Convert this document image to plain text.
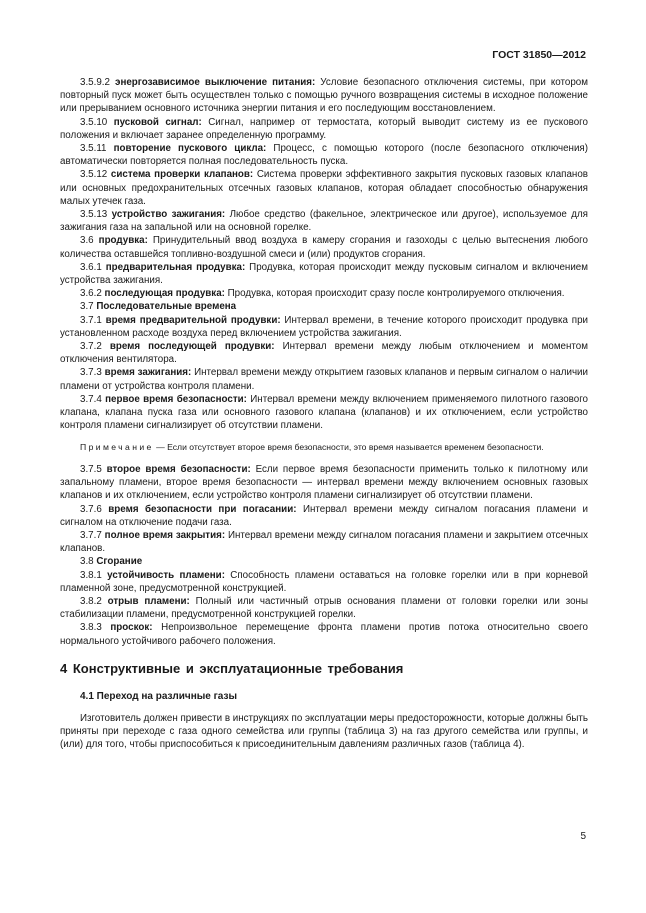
ГОСТ 31850—2012

3.5.9.2 энергозависимое выключение питания: Условие безопасного отключения системы, при котором повторный пуск может быть осуществлен только с помощью ручного возвращения системы в исходное положение или прерыванием основного источника энергии питания и его последующим восстановлением.

3.5.10 пусковой сигнал: Сигнал, например от термостата, который выводит систему из ее пускового положения и включает заранее определенную программу.

3.5.11 повторение пускового цикла: Процесс, с помощью которого (после безопасного отключения) автоматически повторяется полная последовательность пуска.

3.5.12 система проверки клапанов: Система проверки эффективного закрытия пусковых газовых клапанов или основных предохранительных отсечных газовых клапанов, которая обладает способностью обнаружения малых утечек газа.

3.5.13 устройство зажигания: Любое средство (факельное, электрическое или другое), используемое для зажигания газа на запальной или на основной горелке.

3.6 продувка: Принудительный ввод воздуха в камеру сгорания и газоходы с целью вытеснения любого количества оставшейся топливно-воздушной смеси и (или) продуктов сгорания.

3.6.1 предварительная продувка: Продувка, которая происходит между пусковым сигналом и включением устройства зажигания.

3.6.2 последующая продувка: Продувка, которая происходит сразу после контролируемого отключения.

3.7 Последовательные времена

3.7.1 время предварительной продувки: Интервал времени, в течение которого происходит продувка при установленном расходе воздуха перед включением устройства зажигания.

3.7.2 время последующей продувки: Интервал времени между любым отключением и моментом отключения вентилятора.

3.7.3 время зажигания: Интервал времени между открытием газовых клапанов и первым сигналом о наличии пламени от устройства контроля пламени.

3.7.4 первое время безопасности: Интервал времени между включением применяемого пилотного газового клапана, клапана пуска газа или основного газового клапана (клапанов) и их отключением, если устройство контроля пламени сигнализирует об отсутствии пламени.

Примечание — Если отсутствует второе время безопасности, это время называется временем безопасности.

3.7.5 второе время безопасности: Если первое время безопасности применить только к пилотному или запальному пламени, второе время безопасности — интервал времени между включением основных газовых клапанов и их отключением, если устройство контроля пламени сигнализирует об отсутствии пламени.

3.7.6 время безопасности при погасании: Интервал времени между сигналом погасания пламени и сигналом на отключение подачи газа.

3.7.7 полное время закрытия: Интервал времени между сигналом погасания пламени и закрытием отсечных клапанов.

3.8 Сгорание

3.8.1 устойчивость пламени: Способность пламени оставаться на головке горелки или в при корневой пламенной зоне, предусмотренной конструкцией.

3.8.2 отрыв пламени: Полный или частичный отрыв основания пламени от головки горелки или зоны стабилизации пламени, предусмотренной конструкцией горелки.

3.8.3 проскок: Непроизвольное перемещение фронта пламени против потока относительно своего нормального устойчивого рабочего положения.

4 Конструктивные и эксплуатационные требования
4.1 Переход на различные газы

Изготовитель должен привести в инструкциях по эксплуатации меры предосторожности, которые должны быть приняты при переходе с газа одного семейства или группы (таблица 3) на газ другого семейства или группы, и (или) для того, чтобы приспособиться к присоединительным давлениям различных газов (таблица 4).

5
